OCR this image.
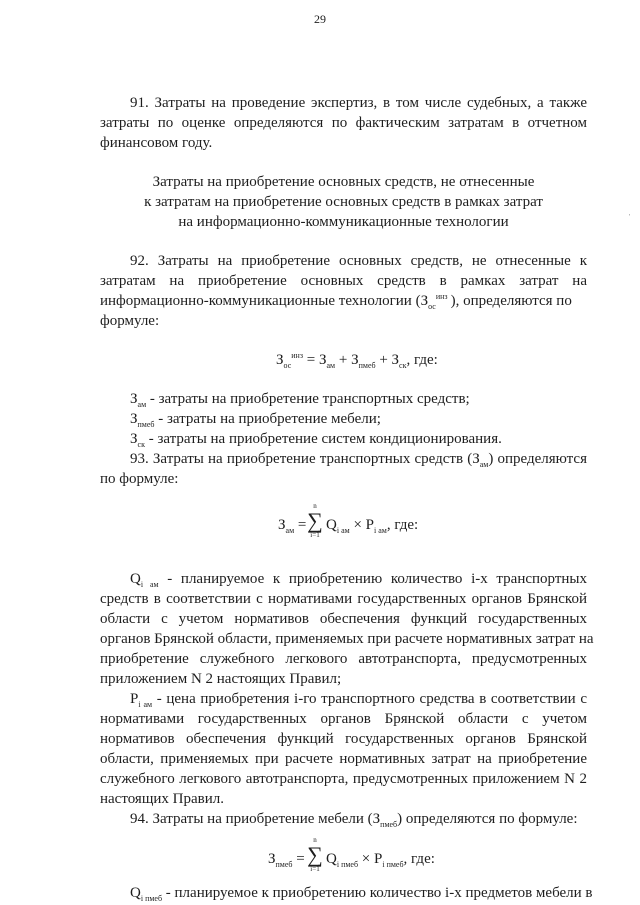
29
91. Затраты на проведение экспертиз, в том числе судебных, а также
затраты по оценке определяются по фактическим затратам в отчетном
финансовом году.
Затраты на приобретение основных средств, не отнесенные
к затратам на приобретение основных средств в рамках затрат
на информационно-коммуникационные технологии
92. Затраты на приобретение основных средств, не отнесенные к
затратам на приобретение основных средств в рамках затрат на
информационно-коммуникационные технологии ($З_{ос}^{инз}$ ), определяются по
формуле:
$З_{ос}^{инз} = З_{ам} + З_{пмеб} + З_{ск}$, где:
$З_{ам}$ - затраты на приобретение транспортных средств;
$З_{пмеб}$ - затраты на приобретение мебели;
$З_{ск}$ - затраты на приобретение систем кондиционирования.
93. Затраты на приобретение транспортных средств $(З_{ам})$ определяются
по формуле:
$З_{ам}$ =
n
∑
i=1
$Q_{i ам} \times P_{i ам}$, где:
$Q_{i ам}$ - планируемое к приобретению количество i-х транспортных
средств в соответствии с нормативами государственных органов Брянской
области с учетом нормативов обеспечения функций государственных
органов Брянской области, применяемых при расчете нормативных затрат на
приобретение служебного легкового автотранспорта, предусмотренных
приложением N 2 настоящих Правил;
$P_{i ам}$ - цена приобретения i-го транспортного средства в соответствии с
нормативами государственных органов Брянской области с учетом
нормативов обеспечения функций государственных органов Брянской
области, применяемых при расчете нормативных затрат на приобретение
служебного легкового автотранспорта, предусмотренных приложением N 2
настоящих Правил.
94. Затраты на приобретение мебели $(З_{пмеб})$ определяются по формуле:
$З_{пмеб}$ =
n
∑
i=1
$Q_{i пмеб} \times P_{i пмеб}$, где:
$Q_{i пмеб}$ - планируемое к приобретению количество i-х предметов мебели в
'
